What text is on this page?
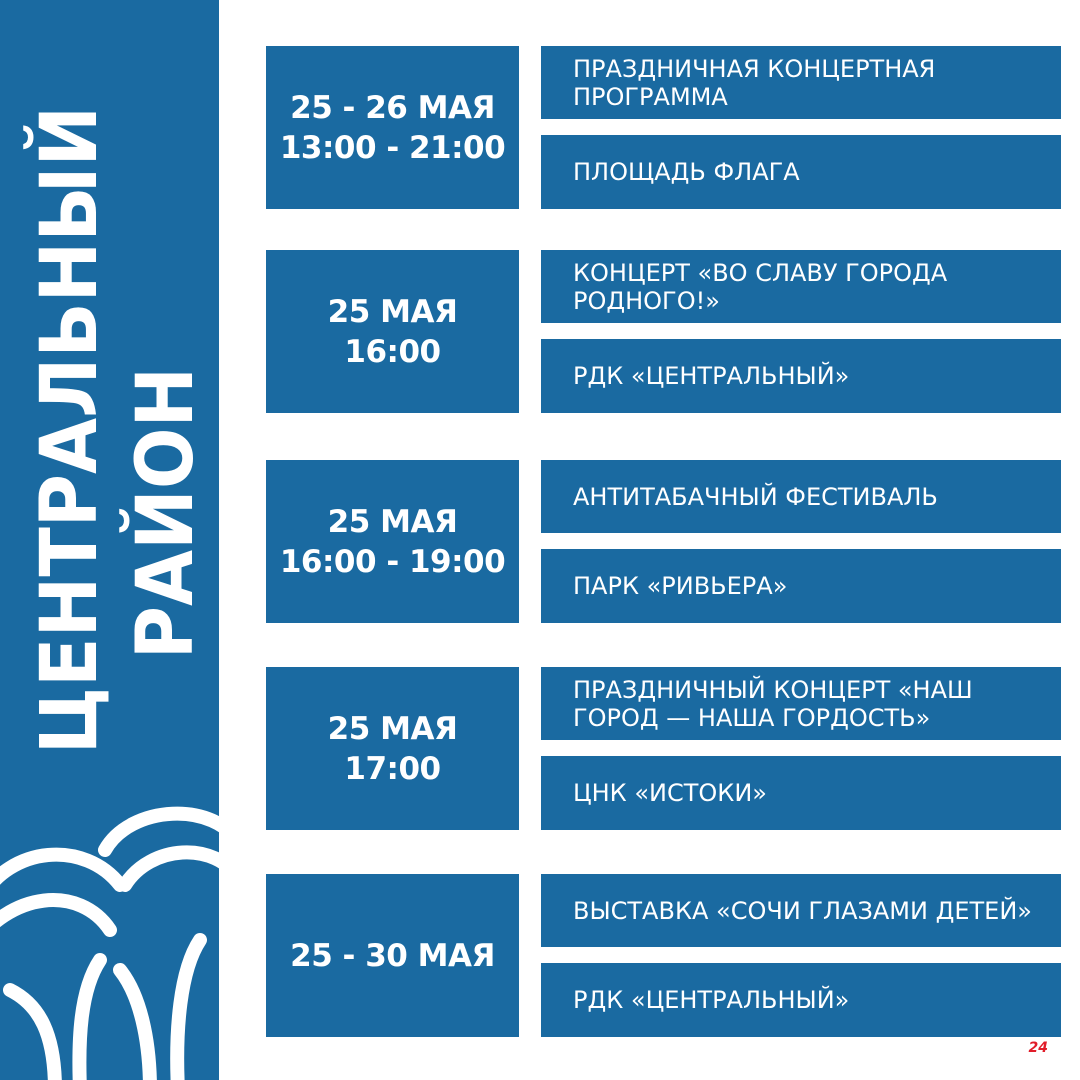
ЦЕНТРАЛЬНЫЙ РАЙОН
25 - 26 МАЯ
13:00 - 21:00
ПРАЗДНИЧНАЯ КОНЦЕРТНАЯ ПРОГРАММА
ПЛОЩАДЬ ФЛАГА
25 МАЯ
16:00
КОНЦЕРТ «ВО СЛАВУ ГОРОДА РОДНОГО!»
РДК «ЦЕНТРАЛЬНЫЙ»
25 МАЯ
16:00 - 19:00
АНТИТАБАЧНЫЙ ФЕСТИВАЛЬ
ПАРК «РИВЬЕРА»
25 МАЯ
17:00
ПРАЗДНИЧНЫЙ КОНЦЕРТ «НАШ ГОРОД — НАША ГОРДОСТЬ»
ЦНК «ИСТОКИ»
25 - 30 МАЯ
ВЫСТАВКА «СОЧИ ГЛАЗАМИ ДЕТЕЙ»
РДК «ЦЕНТРАЛЬНЫЙ»
24
